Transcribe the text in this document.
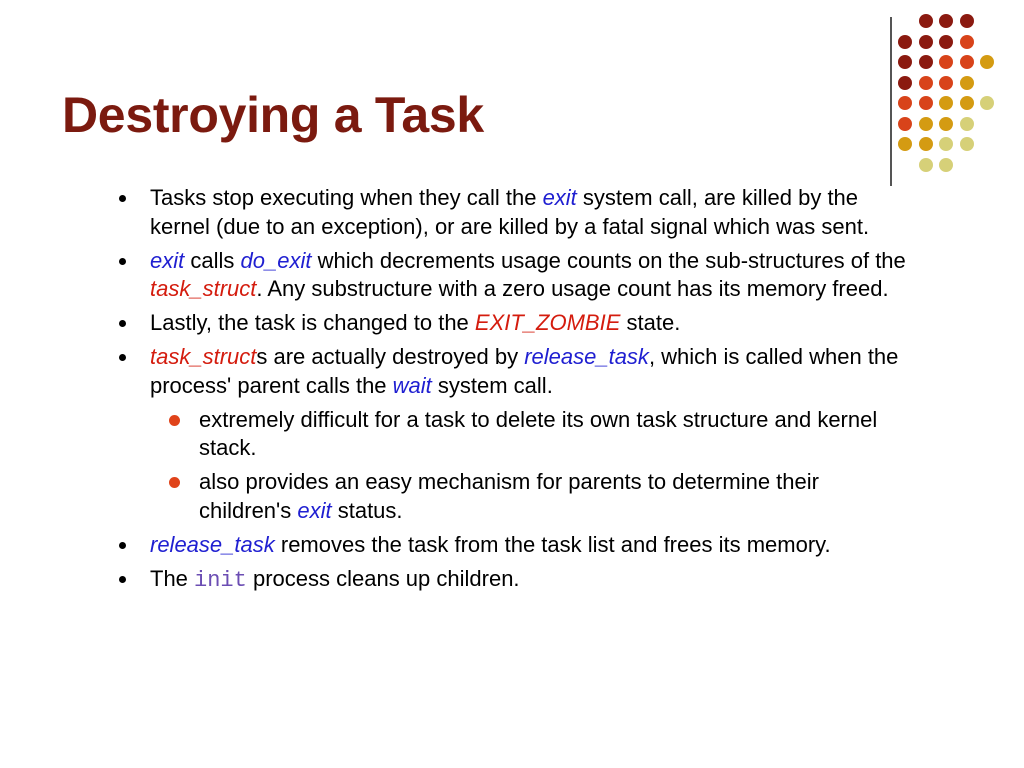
Destroying a Task
Tasks stop executing when they call the exit system call, are killed by the kernel (due to an exception), or are killed by a fatal signal which was sent.
exit calls do_exit which decrements usage counts on the sub-structures of the task_struct. Any substructure with a zero usage count has its memory freed.
Lastly, the task is changed to the EXIT_ZOMBIE state.
task_structs are actually destroyed by release_task, which is called when the process' parent calls the wait system call.
extremely difficult for a task to delete its own task structure and kernel stack.
also provides an easy mechanism for parents to determine their children's exit status.
release_task removes the task from the task list and frees its memory.
The init process cleans up children.
